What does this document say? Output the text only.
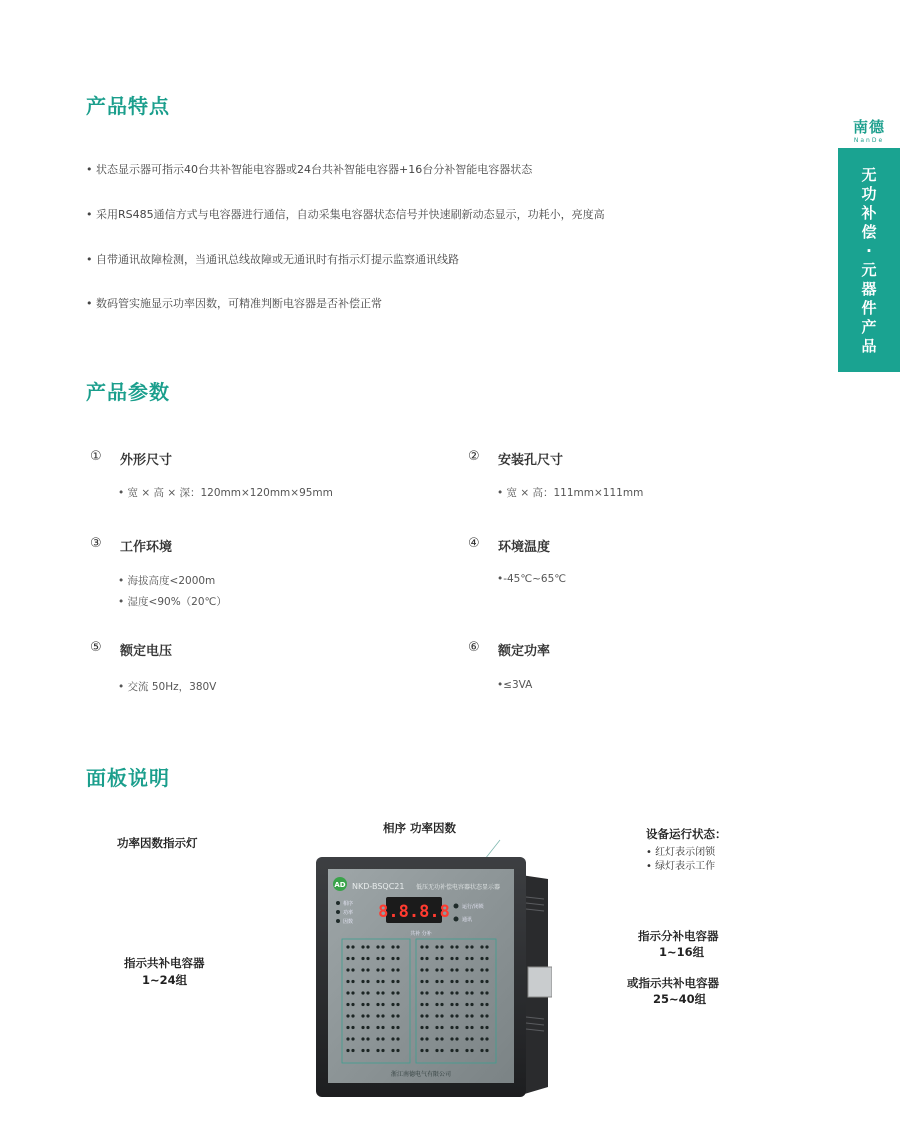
南德
NanDe
无
功
补
偿
·
元
器
件
产
品
产品特点
• 状态显示器可指示40台共补智能电容器或24台共补智能电容器+16台分补智能电容器状态
• 采用RS485通信方式与电容器进行通信，自动采集电容器状态信号并快速刷新动态显示，功耗小，亮度高
• 自带通讯故障检测，当通讯总线故障或无通讯时有指示灯提示监察通讯线路
• 数码管实施显示功率因数，可精准判断电容器是否补偿正常
产品参数
① 外形尺寸
• 宽 × 高 × 深：120mm×120mm×95mm
② 安装孔尺寸
• 宽 × 高：111mm×111mm
③ 工作环境
• 海拔高度<2000m
• 湿度<90%（20℃）
④ 环境温度
•-45℃~65℃
⑤ 额定电压
• 交流 50Hz，380V
⑥ 额定功率
•≤3VA
面板说明
相序 功率因数
功率因数指示灯
指示共补电容器
1~24组
设备运行状态：
• 红灯表示闭锁
• 绿灯表示工作
指示分补电容器
1~16组
或指示共补电容器
25~40组
AD NKD-BSQC21 低压无功补偿电容器状态显示器
相序
功率
因数 8.8.8.8 运行/闭锁
通讯
共补 分补
浙江南德电气有限公司
